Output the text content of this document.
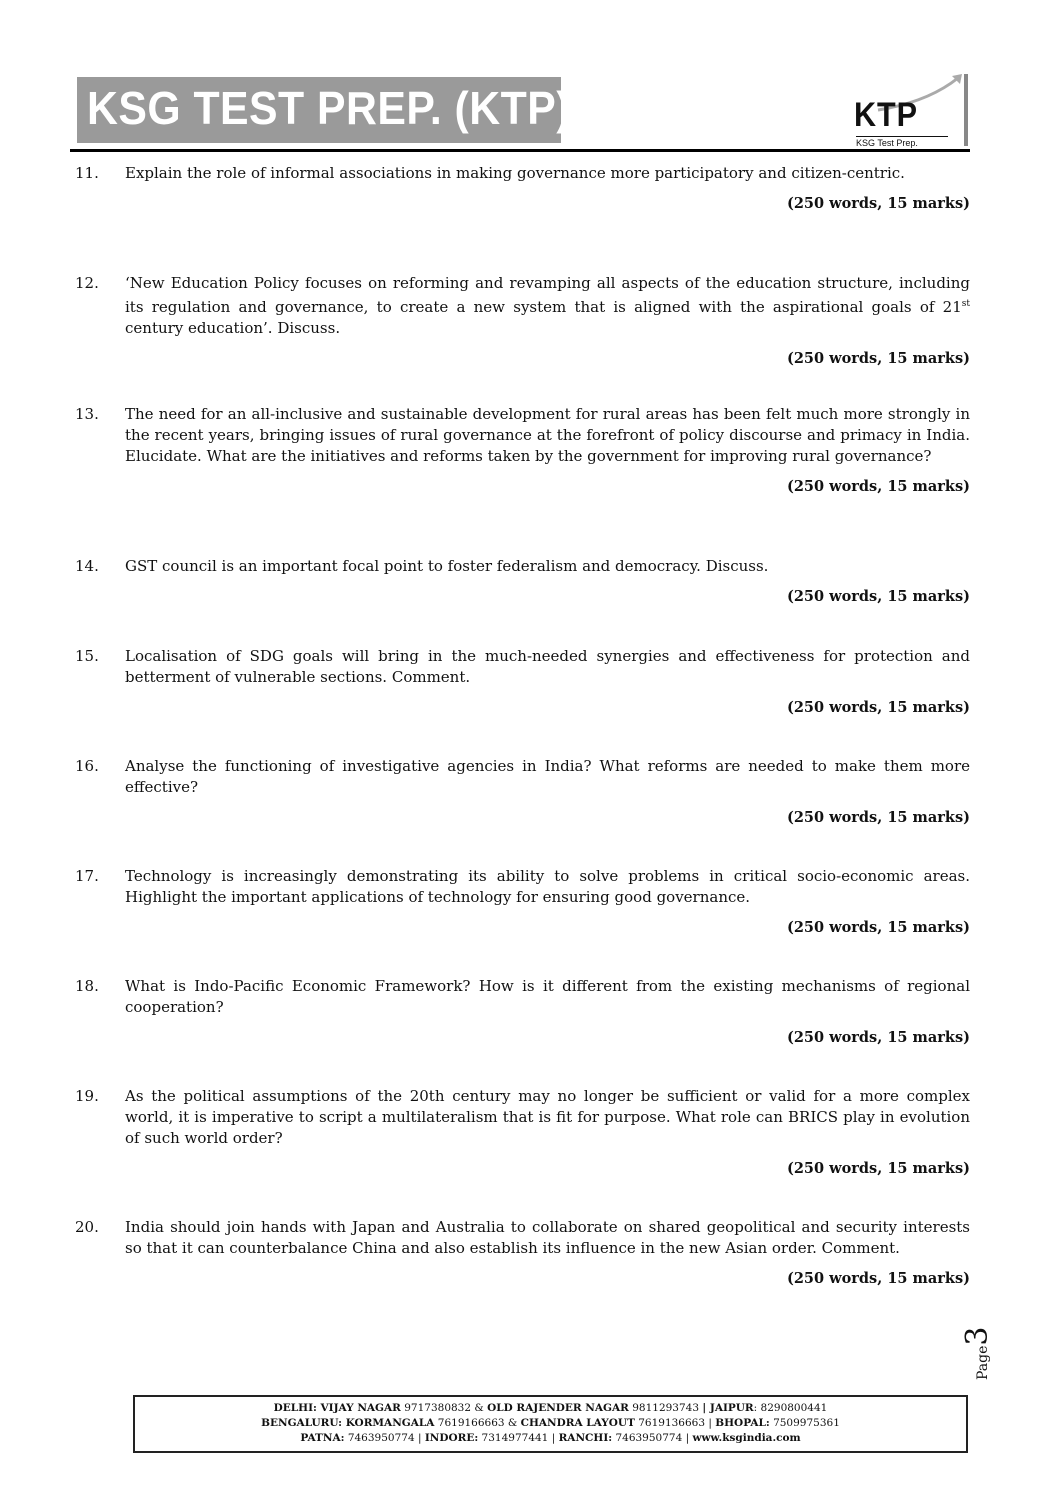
KSG TEST PREP. (KTP)	KTP
KSG Test Prep.
11. Explain the role of informal associations in making governance more participatory and citizen-centric.
(250 words, 15 marks)
12. ‘New Education Policy focuses on reforming and revamping all aspects of the education structure, including its regulation and governance, to create a new system that is aligned with the aspirational goals of 21st century education’. Discuss.
(250 words, 15 marks)
13. The need for an all-inclusive and sustainable development for rural areas has been felt much more strongly in the recent years, bringing issues of rural governance at the forefront of policy discourse and primacy in India. Elucidate. What are the initiatives and reforms taken by the government for improving rural governance?
(250 words, 15 marks)
14. GST council is an important focal point to foster federalism and democracy. Discuss.
(250 words, 15 marks)
15. Localisation of SDG goals will bring in the much-needed synergies and effectiveness for protection and betterment of vulnerable sections. Comment.
(250 words, 15 marks)
16. Analyse the functioning of investigative agencies in India? What reforms are needed to make them more effective?
(250 words, 15 marks)
17. Technology is increasingly demonstrating its ability to solve problems in critical socio-economic areas. Highlight the important applications of technology for ensuring good governance.
(250 words, 15 marks)
18. What is Indo-Pacific Economic Framework? How is it different from the existing mechanisms of regional cooperation?
(250 words, 15 marks)
19. As the political assumptions of the 20th century may no longer be sufficient or valid for a more complex world, it is imperative to script a multilateralism that is fit for purpose. What role can BRICS play in evolution of such world order?
(250 words, 15 marks)
20. India should join hands with Japan and Australia to collaborate on shared geopolitical and security interests so that it can counterbalance China and also establish its influence in the new Asian order. Comment.
(250 words, 15 marks)
DELHI: VIJAY NAGAR 9717380832 & OLD RAJENDER NAGAR 9811293743 | JAIPUR: 8290800441
BENGALURU: KORMANGALA 7619166663 & CHANDRA LAYOUT 7619136663 | BHOPAL: 7509975361
PATNA: 7463950774 | INDORE: 7314977441 | RANCHI: 7463950774 | www.ksgindia.com
Page3
